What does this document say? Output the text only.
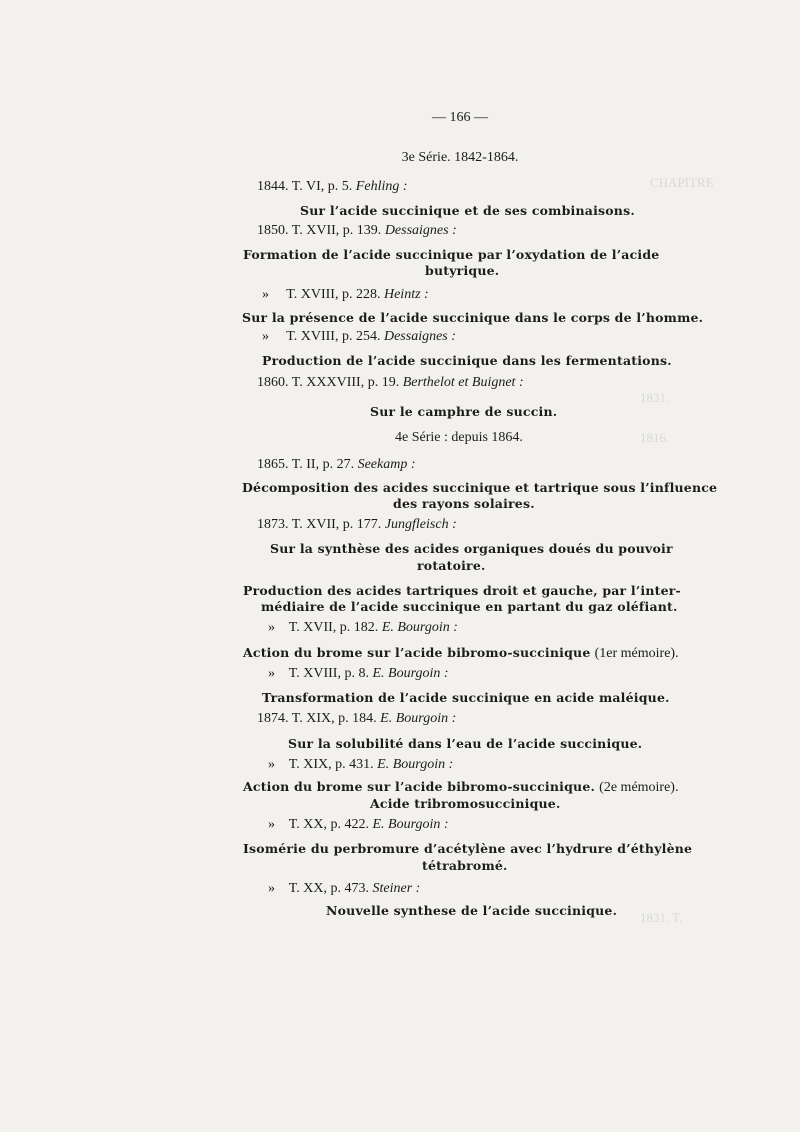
CHAPITRE
1831.
1816.
1831. T.
— 166 —
3e Série. 1842-1864.
1844. T. VI, p. 5. Fehling :
Sur l’acide succinique et de ses combinaisons.
1850. T. XVII, p. 139. Dessaignes :
Formation de l’acide succinique par l’oxydation de l’acide
butyrique.
» T. XVIII, p. 228. Heintz :
Sur la présence de l’acide succinique dans le corps de l’homme.
» T. XVIII, p. 254. Dessaignes :
Production de l’acide succinique dans les fermentations.
1860. T. XXXVIII, p. 19. Berthelot et Buignet :
Sur le camphre de succin.
4e Série : depuis 1864.
1865. T. II, p. 27. Seekamp :
Décomposition des acides succinique et tartrique sous l’influence
des rayons solaires.
1873. T. XVII, p. 177. Jungfleisch :
Sur la synthèse des acides organiques doués du pouvoir
rotatoire.
Production des acides tartriques droit et gauche, par l’inter-
médiaire de l’acide succinique en partant du gaz oléfiant.
» T. XVII, p. 182. E. Bourgoin :
Action du brome sur l’acide bibromo-succinique (1er mémoire).
» T. XVIII, p. 8. E. Bourgoin :
Transformation de l’acide succinique en acide maléique.
1874. T. XIX, p. 184. E. Bourgoin :
Sur la solubilité dans l’eau de l’acide succinique.
» T. XIX, p. 431. E. Bourgoin :
Action du brome sur l’acide bibromo-succinique. (2e mémoire).
Acide tribromosuccinique.
» T. XX, p. 422. E. Bourgoin :
Isomérie du perbromure d’acétylène avec l’hydrure d’éthylène
tétrabromé.
» T. XX, p. 473. Steiner :
Nouvelle synthese de l’acide succinique.
